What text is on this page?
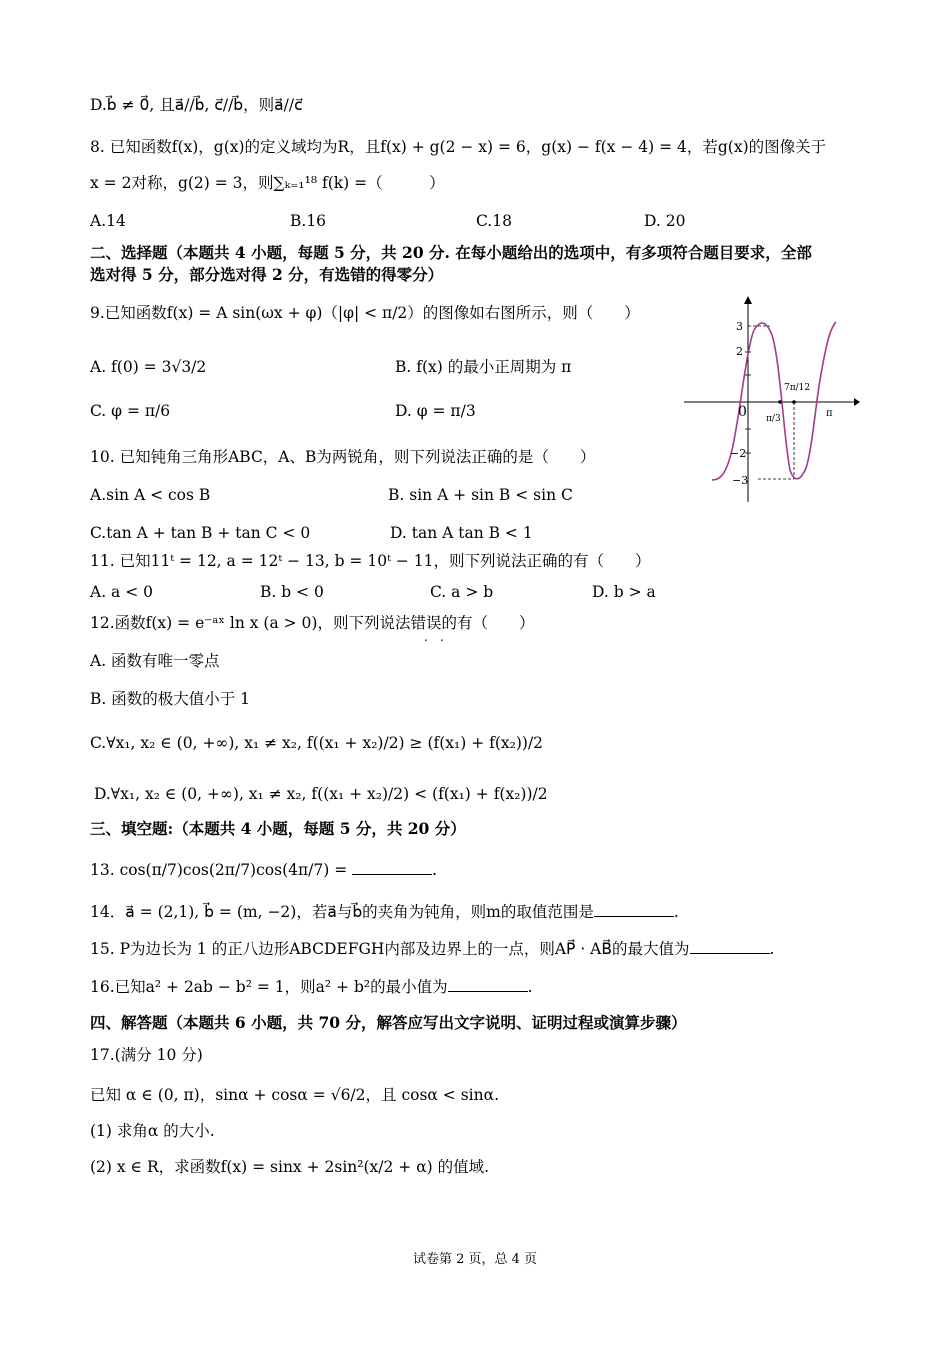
D.b⃗ ≠ 0⃗, 且a⃗//b⃗, c⃗//b⃗，则a⃗//c⃗
8. 已知函数f(x)，g(x)的定义域均为R，且f(x) + g(2 − x) = 6，g(x) − f(x − 4) = 4，若g(x)的图像关于
x = 2对称，g(2) = 3，则∑ₖ₌₁¹⁸ f(k) =（　　　）
A.14	B.16	C.18	D. 20
二、选择题（本题共 4 小题，每题 5 分，共 20 分. 在每小题给出的选项中，有多项符合题目要求，全部
选对得 5 分，部分选对得 2 分，有选错的得零分）
9.已知函数f(x) = A sin(ωx + φ)（|φ| < π/2）的图像如右图所示，则（　　）
A. f(0) = 3√3/2	B. f(x) 的最小正周期为 π
C. φ = π/6	D. φ = π/3
3
2
0
−2
−3
π/3
7π/12
π
10. 已知钝角三角形ABC，A、B为两锐角，则下列说法正确的是（　　）
A.sin A < cos B	B. sin A + sin B < sin C
C.tan A + tan B + tan C < 0	D. tan A tan B < 1
11. 已知11ᵗ = 12, a = 12ᵗ − 13, b = 10ᵗ − 11，则下列说法正确的有（　　）
A. a < 0	B. b < 0	C. a > b	D. b > a
12.函数f(x) = e⁻ᵃˣ ln x (a > 0)，则下列说法错误的有（　　）
. .
A. 函数有唯一零点
B. 函数的极大值小于 1
C.∀x₁, x₂ ∈ (0, +∞), x₁ ≠ x₂, f((x₁ + x₂)/2) ≥ (f(x₁) + f(x₂))/2
D.∀x₁, x₂ ∈ (0, +∞), x₁ ≠ x₂, f((x₁ + x₂)/2) < (f(x₁) + f(x₂))/2
三、填空题:（本题共 4 小题，每题 5 分，共 20 分）
13. cos(π/7)cos(2π/7)cos(4π/7) =	.
14．a⃗ = (2,1), b⃗ = (m, −2)，若a⃗与b⃗的夹角为钝角，则m的取值范围是	.
15. P为边长为 1 的正八边形ABCDEFGH内部及边界上的一点，则AP⃗ · AB⃗的最大值为	.
16.已知a² + 2ab − b² = 1，则a² + b²的最小值为	.
四、解答题（本题共 6 小题，共 70 分，解答应写出文字说明、证明过程或演算步骤）
17.(满分 10 分)
已知 α ∈ (0, π)，sinα + cosα = √6/2，且 cosα < sinα.
(1) 求角α 的大小.
(2) x ∈ R，求函数f(x) = sinx + 2sin²(x/2 + α) 的值域.
试卷第 2 页，总 4 页
